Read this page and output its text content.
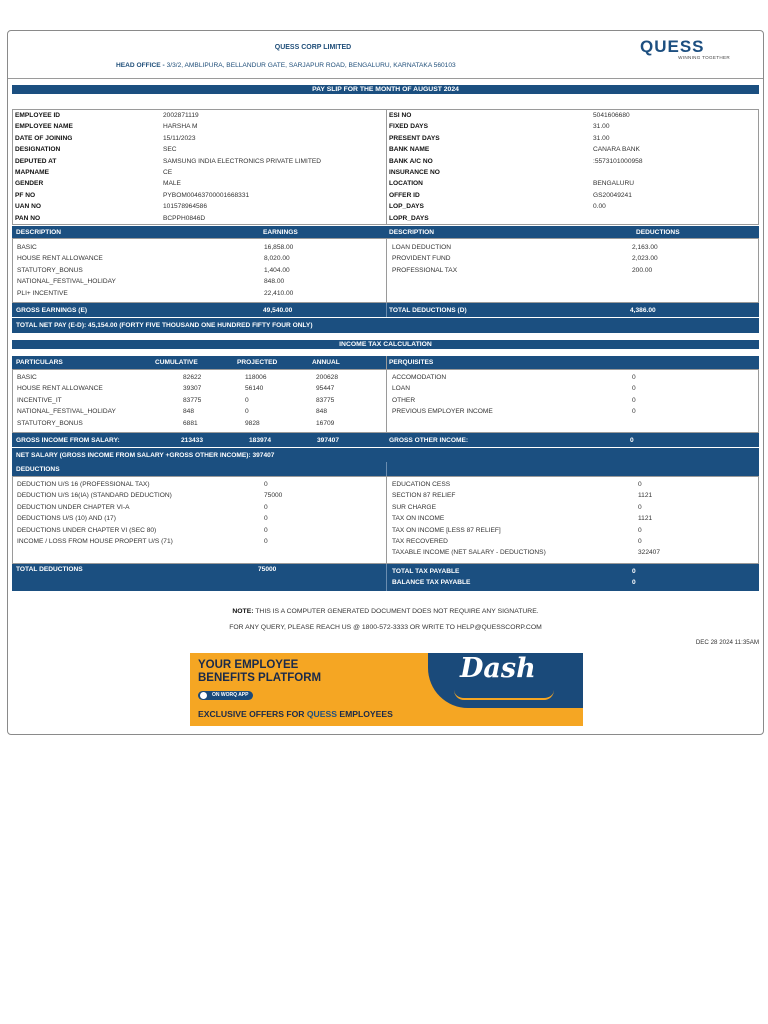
QUESS CORP LIMITED
HEAD OFFICE - 3/3/2, AMBLIPURA, BELLANDUR GATE, SARJAPUR ROAD, BENGALURU, KARNATAKA 560103
QUESS
WINNING TOGETHER
PAY SLIP FOR THE MONTH OF AUGUST 2024
EMPLOYEE ID	2002871119
EMPLOYEE NAME	HARSHA M
DATE OF JOINING	15/11/2023
DESIGNATION	SEC
DEPUTED AT	SAMSUNG INDIA ELECTRONICS PRIVATE LIMITED
MAPNAME	CE
GENDER	MALE
PF NO	PYBOM00463700001668331
UAN NO	101578964586
PAN NO	BCPPH0846D
ESI NO	5041606680
FIXED DAYS	31.00
PRESENT DAYS	31.00
BANK NAME	CANARA BANK
BANK A/C NO	:5573101000958
INSURANCE NO
LOCATION	BENGALURU
OFFER ID	GS20049241
LOP_DAYS	0.00
LOPR_DAYS
DESCRIPTION	EARNINGS	DESCRIPTION	DEDUCTIONS
BASIC	16,858.00
HOUSE RENT ALLOWANCE	8,020.00
STATUTORY_BONUS	1,404.00
NATIONAL_FESTIVAL_HOLIDAY	848.00
PLI+ INCENTIVE	22,410.00
LOAN DEDUCTION	2,163.00
PROVIDENT FUND	2,023.00
PROFESSIONAL TAX	200.00
GROSS EARNINGS (E)	49,540.00	TOTAL DEDUCTIONS (D)	4,386.00
TOTAL NET PAY (E-D): 45,154.00 (FORTY FIVE THOUSAND ONE HUNDRED FIFTY FOUR ONLY)
INCOME TAX CALCULATION
PARTICULARS	CUMULATIVE	PROJECTED	ANNUAL	PERQUISITES
BASIC	82622	118006	200628
HOUSE RENT ALLOWANCE	39307	56140	95447
INCENTIVE_IT	83775	0	83775
NATIONAL_FESTIVAL_HOLIDAY	848	0	848
STATUTORY_BONUS	6881	9828	16709
ACCOMODATION	0
LOAN	0
OTHER	0
PREVIOUS EMPLOYER INCOME	0
GROSS INCOME FROM SALARY:	213433	183974	397407	GROSS OTHER INCOME:	0
NET SALARY (GROSS INCOME FROM SALARY +GROSS OTHER INCOME): 397407
DEDUCTIONS
DEDUCTION U/S 16 (PROFESSIONAL TAX)	0
DEDUCTION U/S 16(IA) (STANDARD DEDUCTION)	75000
DEDUCTION UNDER CHAPTER VI-A	0
DEDUCTIONS U/S (10) AND (17)	0
DEDUCTIONS UNDER CHAPTER VI (SEC 80)	0
INCOME / LOSS FROM HOUSE PROPERT U/S (71)	0
EDUCATION CESS	0
SECTION 87 RELIEF	1121
SUR CHARGE	0
TAX ON INCOME	1121
TAX ON INCOME [LESS 87 RELIEF]	0
TAX RECOVERED	0
TAXABLE INCOME (NET SALARY - DEDUCTIONS)	322407
TOTAL DEDUCTIONS	75000	TOTAL TAX PAYABLE	0
BALANCE TAX PAYABLE	0
NOTE: THIS IS A COMPUTER GENERATED DOCUMENT DOES NOT REQUIRE ANY SIGNATURE.
FOR ANY QUERY, PLEASE REACH US @ 1800-572-3333 OR WRITE TO HELP@QUESSCORP.COM
DEC 28 2024 11:35AM
Dash
YOUR EMPLOYEE
BENEFITS PLATFORM
ON WORQ APP
EXCLUSIVE OFFERS FOR QUESS EMPLOYEES
